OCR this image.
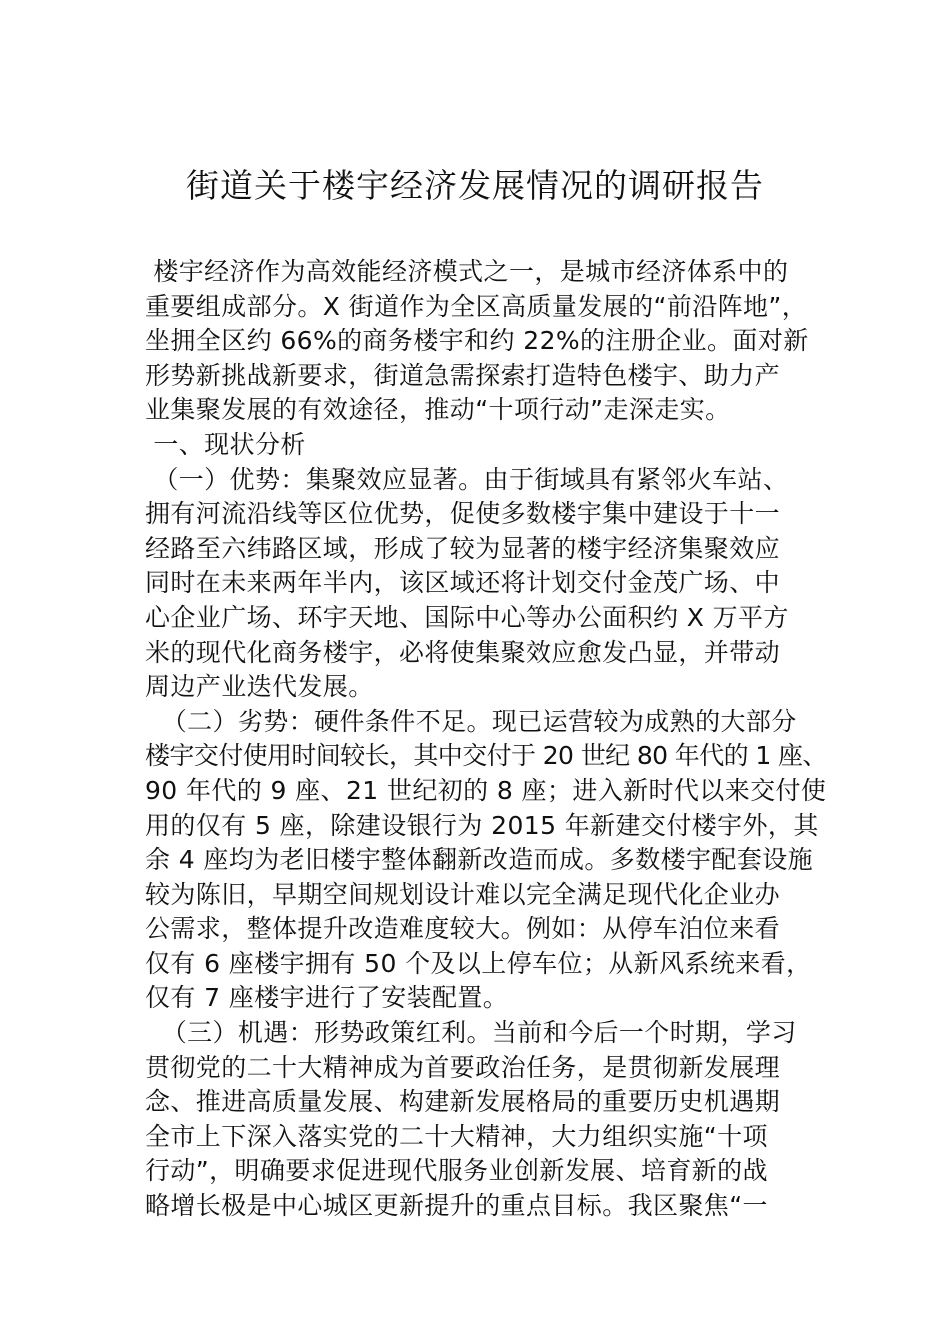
街道关于楼宇经济发展情况的调研报告
楼宇经济作为高效能经济模式之一，是城市经济体系中的
重要组成部分。X 街道作为全区高质量发展的“前沿阵地”，
坐拥全区约 66%的商务楼宇和约 22%的注册企业。面对新
形势新挑战新要求，街道急需探索打造特色楼宇、助力产
业集聚发展的有效途径，推动“十项行动”走深走实。
一、现状分析
（一）优势：集聚效应显著。由于街域具有紧邻火车站、
拥有河流沿线等区位优势，促使多数楼宇集中建设于十一
经路至六纬路区域，形成了较为显著的楼宇经济集聚效应
同时在未来两年半内，该区域还将计划交付金茂广场、中
心企业广场、环宇天地、国际中心等办公面积约 X 万平方
米的现代化商务楼宇，必将使集聚效应愈发凸显，并带动
周边产业迭代发展。
（二）劣势：硬件条件不足。现已运营较为成熟的大部分
楼宇交付使用时间较长，其中交付于 20 世纪 80 年代的 1 座、
90 年代的 9 座、21 世纪初的 8 座；进入新时代以来交付使
用的仅有 5 座，除建设银行为 2015 年新建交付楼宇外，其
余 4 座均为老旧楼宇整体翻新改造而成。多数楼宇配套设施
较为陈旧，早期空间规划设计难以完全满足现代化企业办
公需求，整体提升改造难度较大。例如：从停车泊位来看
仅有 6 座楼宇拥有 50 个及以上停车位；从新风系统来看，
仅有 7 座楼宇进行了安装配置。
（三）机遇：形势政策红利。当前和今后一个时期，学习
贯彻党的二十大精神成为首要政治任务，是贯彻新发展理
念、推进高质量发展、构建新发展格局的重要历史机遇期
全市上下深入落实党的二十大精神，大力组织实施“十项
行动”，明确要求促进现代服务业创新发展、培育新的战
略增长极是中心城区更新提升的重点目标。我区聚焦“一
